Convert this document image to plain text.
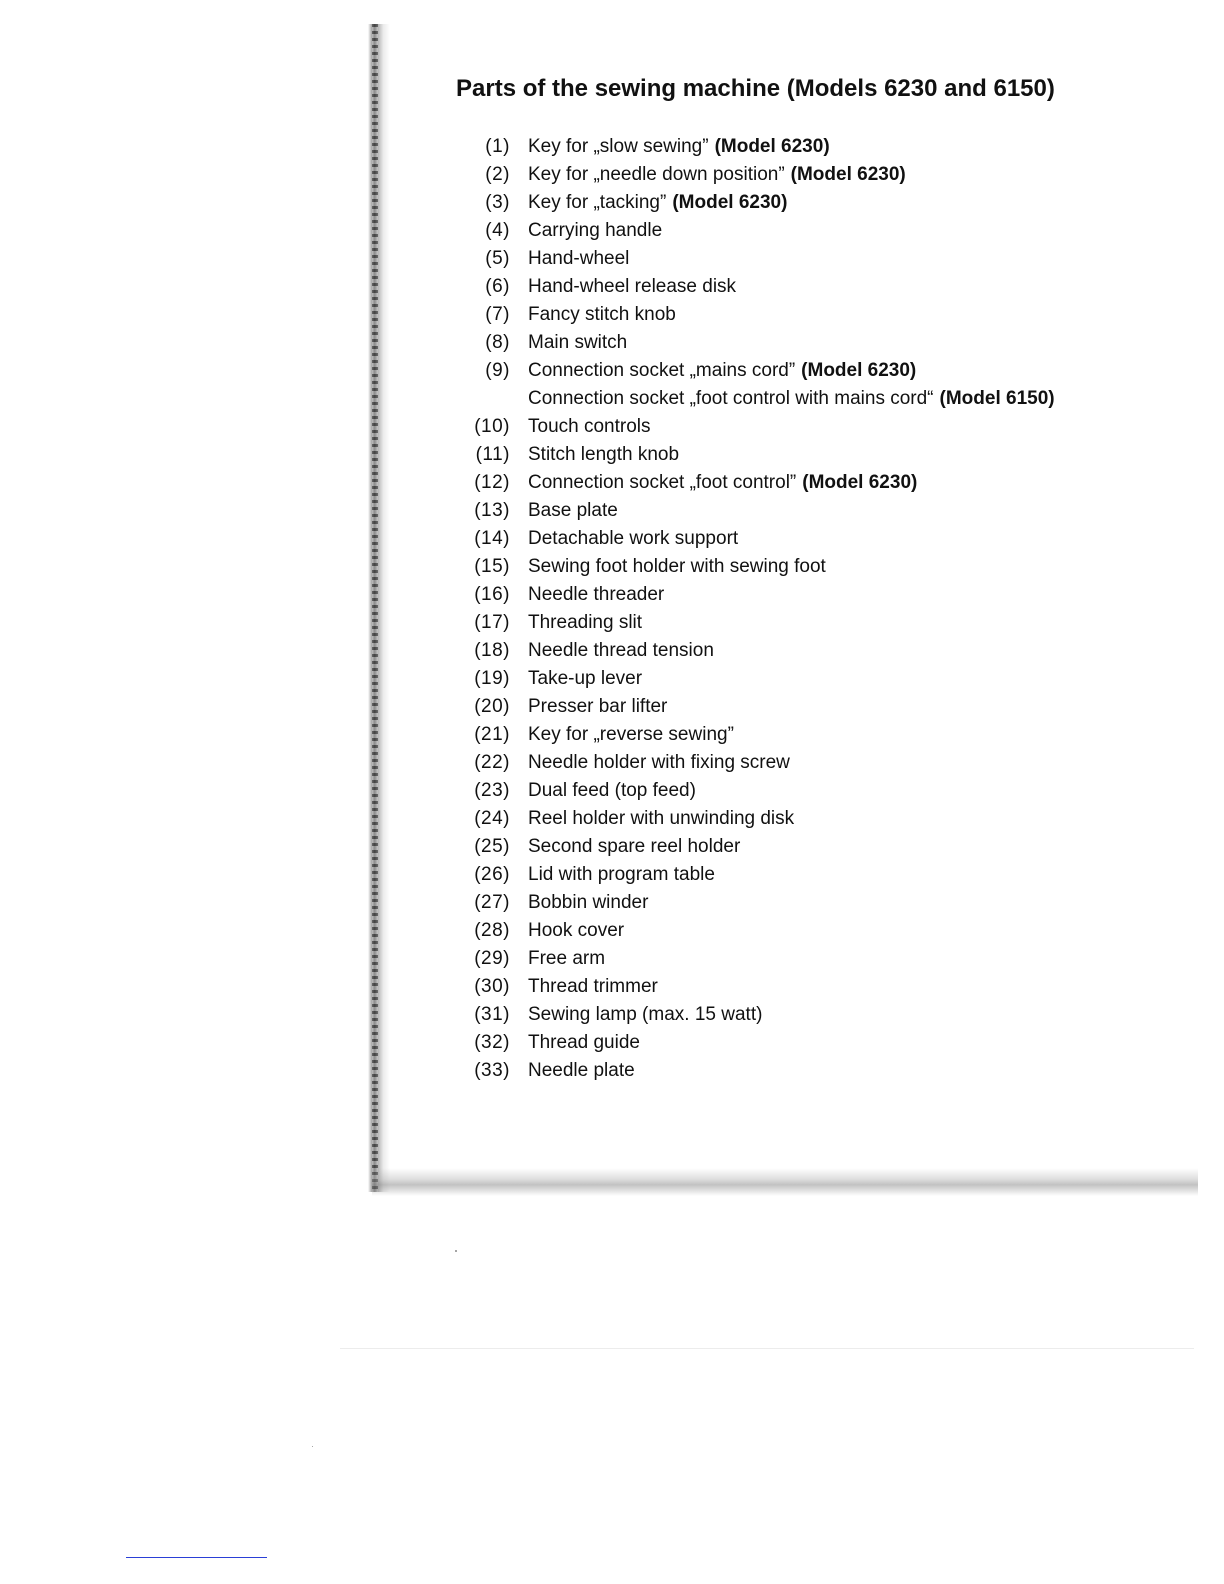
Parts of the sewing machine (Models 6230 and 6150)
(1) Key for „slow sewing” (Model 6230)
(2) Key for „needle down position” (Model 6230)
(3) Key for „tacking” (Model 6230)
(4) Carrying handle
(5) Hand-wheel
(6) Hand-wheel release disk
(7) Fancy stitch knob
(8) Main switch
(9) Connection socket „mains cord” (Model 6230)
Connection socket „foot control with mains cord“ (Model 6150)
(10) Touch controls
(11) Stitch length knob
(12) Connection socket „foot control” (Model 6230)
(13) Base plate
(14) Detachable work support
(15) Sewing foot holder with sewing foot
(16) Needle threader
(17) Threading slit
(18) Needle thread tension
(19) Take-up lever
(20) Presser bar lifter
(21) Key for „reverse sewing”
(22) Needle holder with fixing screw
(23) Dual feed (top feed)
(24) Reel holder with unwinding disk
(25) Second spare reel holder
(26) Lid with program table
(27) Bobbin winder
(28) Hook cover
(29) Free arm
(30) Thread trimmer
(31) Sewing lamp (max. 15 watt)
(32) Thread guide
(33) Needle plate
